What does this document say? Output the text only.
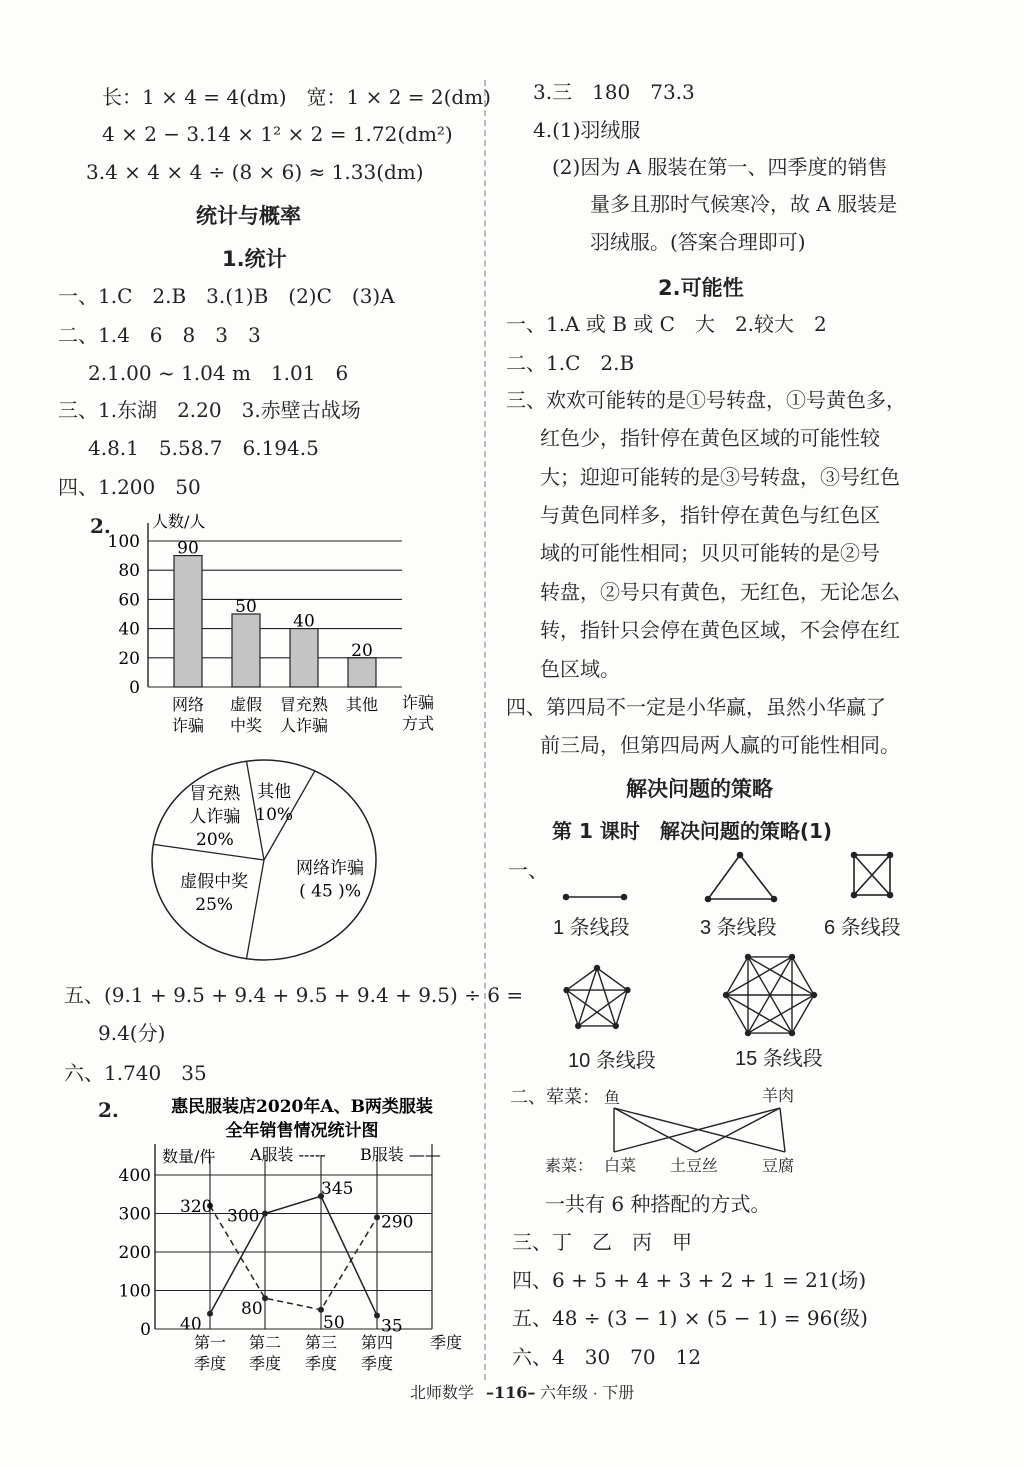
长：1 × 4 = 4(dm)　宽：1 × 2 = 2(dm)
4 × 2 − 3.14 × 1² × 2 = 1.72(dm²)
3.4 × 4 × 4 ÷ (8 × 6) ≈ 1.33(dm)
统计与概率
1.统计
一、1.C　2.B　3.(1)B　(2)C　(3)A
二、1.4　6　8　3　3
2.1.00 ~ 1.04 m　1.01　6
三、1.东湖　2.20　3.赤壁古战场
4.8.1　5.58.7　6.194.5
四、1.200　50
2.
0
20
40
60
80
100
人数/人
90
网络
诈骗
50
虚假
中奖
40
冒充熟
人诈骗
20
其他 诈骗
方式
网络诈骗
( 45 )%
虚假中奖
25%
冒充熟
人诈骗
20%
其他
10%
五、(9.1 + 9.5 + 9.4 + 9.5 + 9.4 + 9.5) ÷ 6 =
9.4(分)
六、1.740　35
2.	惠民服装店2020年A、B两类服装
全年销售情况统计图
0
100
200
300
400
数量/件 A服装 ----- B服装 ——
第一
季度
第二
季度
第三
季度
第四
季度
季度
320
80
50
290
40
300
345
35
3.三　180　73.3
4.(1)羽绒服
(2)因为 A 服装在第一、四季度的销售
量多且那时气候寒冷，故 A 服装是
羽绒服。(答案合理即可)
2.可能性
一、1.A 或 B 或 C　大　2.较大　2
二、1.C　2.B
三、欢欢可能转的是①号转盘，①号黄色多，
红色少，指针停在黄色区域的可能性较
大；迎迎可能转的是③号转盘，③号红色
与黄色同样多，指针停在黄色与红色区
域的可能性相同；贝贝可能转的是②号
转盘，②号只有黄色，无红色，无论怎么
转，指针只会停在黄色区域，不会停在红
色区域。
四、第四局不一定是小华赢，虽然小华赢了
前三局，但第四局两人赢的可能性相同。
解决问题的策略
第 1 课时　解决问题的策略(1)
一、
1 条线段	3 条线段 6 条线段
10 条线段	15 条线段
二、荤菜： 鱼	羊肉
素菜： 白菜 土豆丝	豆腐
一共有 6 种搭配的方式。
三、丁　乙　丙　甲
四、6 + 5 + 4 + 3 + 2 + 1 = 21(场)
五、48 ÷ (3 − 1) × (5 − 1) = 96(级)
六、4　30　70　12
北师数学 –116– 六年级 · 下册
